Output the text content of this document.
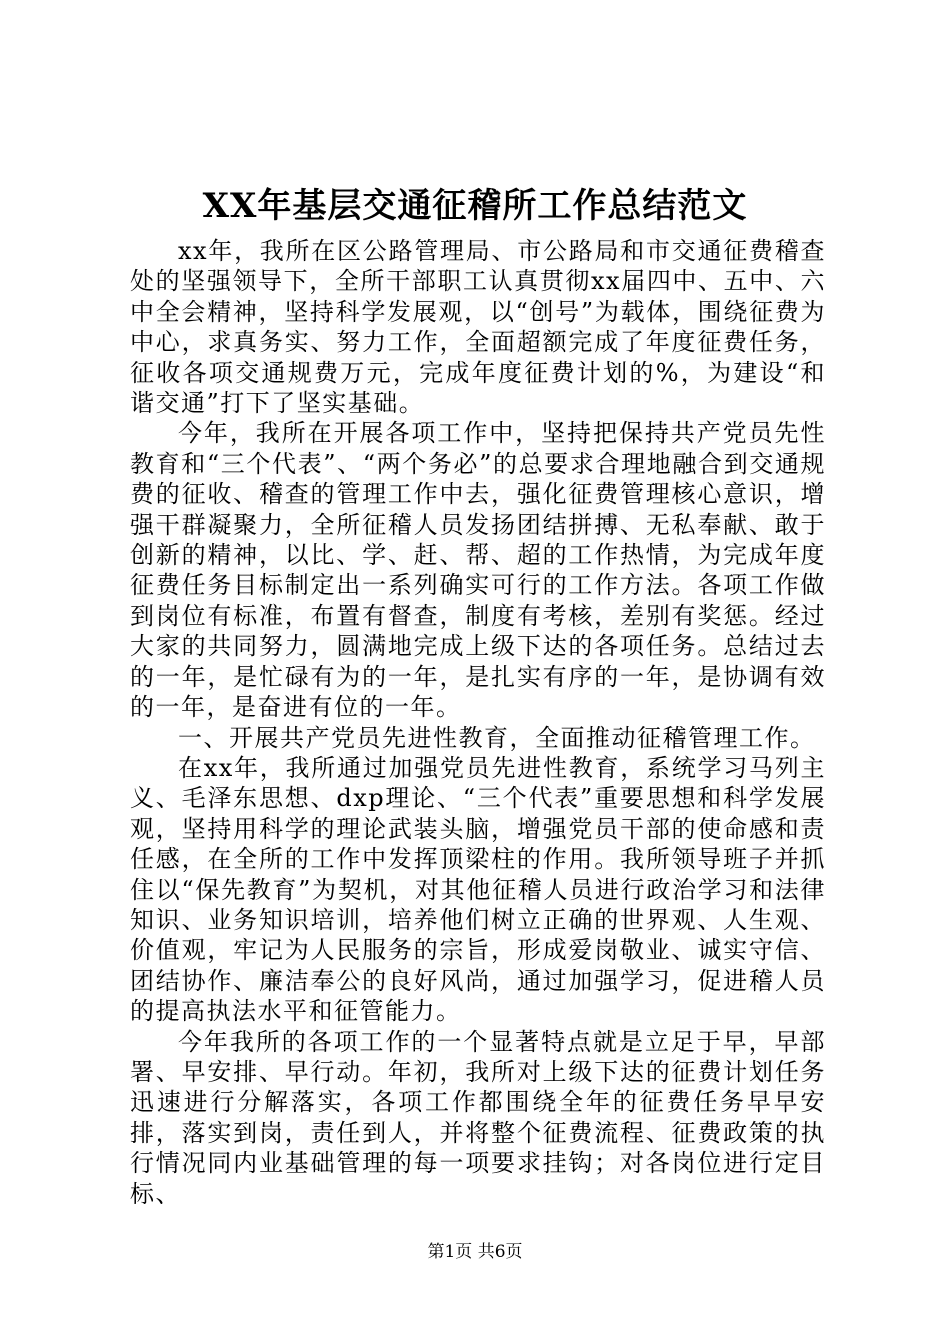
XX年基层交通征稽所工作总结范文

xx年，我所在区公路管理局、市公路局和市交通征费稽查处的坚强领导下，全所干部职工认真贯彻xx届四中、五中、六中全会精神，坚持科学发展观，以“创号”为载体，围绕征费为中心，求真务实、努力工作，全面超额完成了年度征费任务，征收各项交通规费万元，完成年度征费计划的%，为建设“和谐交通”打下了坚实基础。

今年，我所在开展各项工作中，坚持把保持共产党员先性教育和“三个代表”、“两个务必”的总要求合理地融合到交通规费的征收、稽查的管理工作中去，强化征费管理核心意识，增强干群凝聚力，全所征稽人员发扬团结拼搏、无私奉献、敢于创新的精神，以比、学、赶、帮、超的工作热情，为完成年度征费任务目标制定出一系列确实可行的工作方法。各项工作做到岗位有标准，布置有督查，制度有考核，差别有奖惩。经过大家的共同努力，圆满地完成上级下达的各项任务。总结过去的一年，是忙碌有为的一年，是扎实有序的一年，是协调有效的一年，是奋进有位的一年。

一、开展共产党员先进性教育，全面推动征稽管理工作。

在xx年，我所通过加强党员先进性教育，系统学习马列主义、毛泽东思想、dxp理论、“三个代表”重要思想和科学发展观，坚持用科学的理论武装头脑，增强党员干部的使命感和责任感，在全所的工作中发挥顶梁柱的作用。我所领导班子并抓住以“保先教育”为契机，对其他征稽人员进行政治学习和法律知识、业务知识培训，培养他们树立正确的世界观、人生观、价值观，牢记为人民服务的宗旨，形成爱岗敬业、诚实守信、团结协作、廉洁奉公的良好风尚，通过加强学习，促进稽人员的提高执法水平和征管能力。

今年我所的各项工作的一个显著特点就是立足于早，早部署、早安排、早行动。年初，我所对上级下达的征费计划任务迅速进行分解落实，各项工作都围绕全年的征费任务早早安排，落实到岗，责任到人，并将整个征费流程、征费政策的执行情况同内业基础管理的每一项要求挂钩；对各岗位进行定目标、

第1页 共6页
